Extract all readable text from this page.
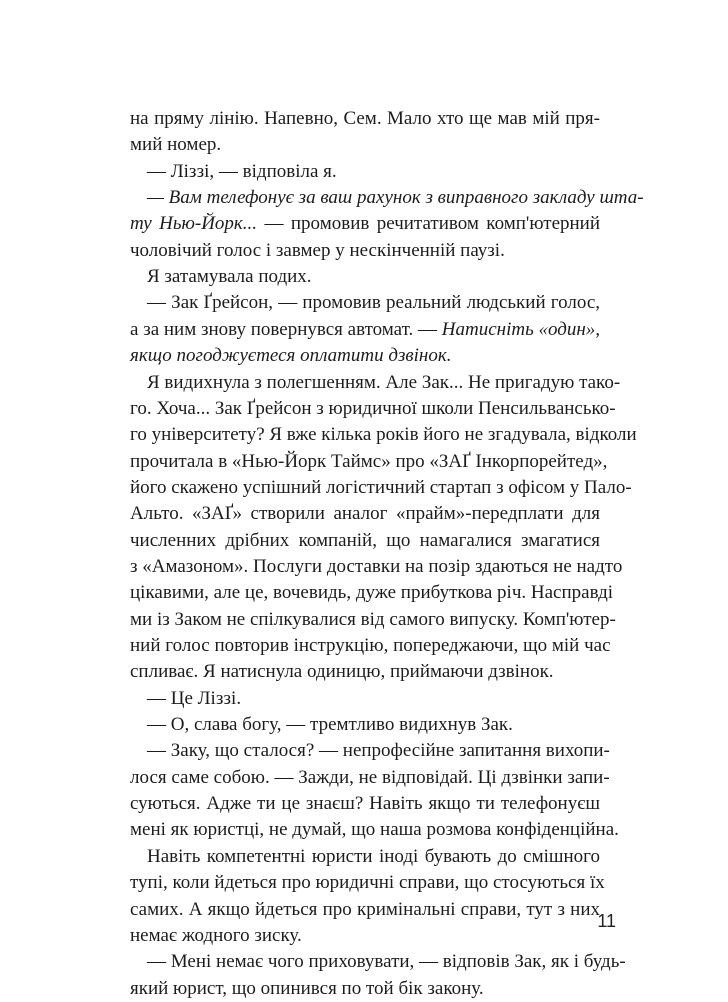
на пряму лінію. Напевно, Сем. Мало хто ще мав мій пря-
мий номер.
— Ліззі, — відповіла я.
— Вам телефонує за ваш рахунок з виправного закладу шта-
ту Нью-Йорк... — промовив речитативом комп'ютерний
чоловічий голос і завмер у нескінченній паузі.
Я затамувала подих.
— Зак Ґрейсон, — промовив реальний людський голос,
а за ним знову повернувся автомат. — Натисніть «один»,
якщо погоджуєтеся оплатити дзвінок.
Я видихнула з полегшенням. Але Зак... Не пригадую тако-
го. Хоча... Зак Ґрейсон з юридичної школи Пенсильвансько-
го університету? Я вже кілька років його не згадувала, відколи
прочитала в «Нью-Йорк Таймс» про «ЗАҐ Інкорпорейтед»,
його скажено успішний логістичний стартап з офісом у Пало-
Альто. «ЗАҐ» створили аналог «прайм»-передплати для
численних дрібних компаній, що намагалися змагатися
з «Амазоном». Послуги доставки на позір здаються не надто
цікавими, але це, вочевидь, дуже прибуткова річ. Насправді
ми із Заком не спілкувалися від самого випуску. Комп'ютер-
ний голос повторив інструкцію, попереджаючи, що мій час
спливає. Я натиснула одиницю, приймаючи дзвінок.
— Це Ліззі.
— О, слава богу, — тремтливо видихнув Зак.
— Заку, що сталося? — непрофесійне запитання вихопи-
лося саме собою. — Зажди, не відповідай. Ці дзвінки запи-
суються. Адже ти це знаєш? Навіть якщо ти телефонуєш
мені як юристці, не думай, що наша розмова конфіденційна.
Навіть компетентні юристи іноді бувають до смішного
тупі, коли йдеться про юридичні справи, що стосуються їх
самих. А якщо йдеться про кримінальні справи, тут з них
немає жодного зиску.
— Мені немає чого приховувати, — відповів Зак, як і будь-
який юрист, що опинився по той бік закону.
11
